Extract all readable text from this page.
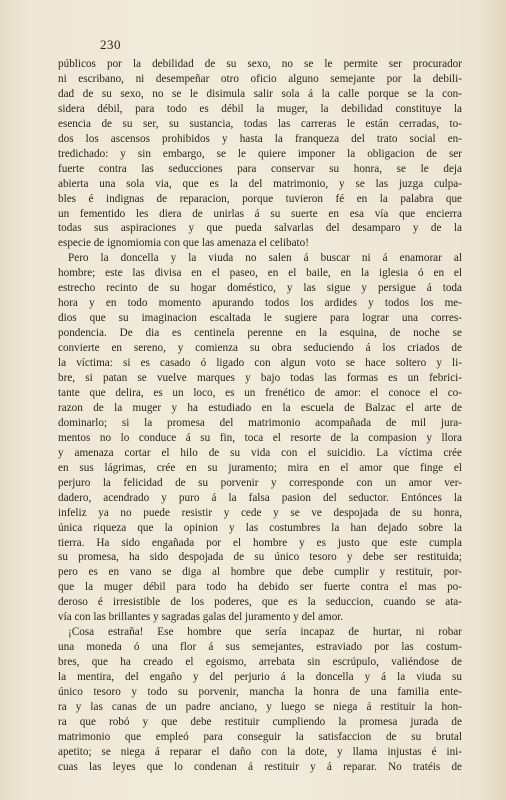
230
públicos por la debilidad de su sexo, no se le permite ser procurador
ni escribano, ni desempeñar otro oficio alguno semejante por la debili-
dad de su sexo, no se le disimula salir sola á la calle porque se la con-
sidera débil, para todo es débil la muger, la debilidad constituye la
esencia de su ser, su sustancia, todas las carreras le están cerradas, to-
dos los ascensos prohibidos y hasta la franqueza del trato social en-
tredichado: y sin embargo, se le quiere imponer la obligacion de ser
fuerte contra las seducciones para conservar su honra, se le deja
abierta una sola via, que es la del matrimonio, y se las juzga culpa-
bles é indignas de reparacion, porque tuvieron fé en la palabra que
un fementido les diera de unirlas á su suerte en esa vía que encierra
todas sus aspiraciones y que pueda salvarlas del desamparo y de la
especie de ignomiomia con que las amenaza el celibato!
Pero la doncella y la viuda no salen á buscar ni á enamorar al
hombre; este las divisa en el paseo, en el baile, en la iglesia ó en el
estrecho recinto de su hogar doméstico, y las sigue y persigue á toda
hora y en todo momento apurando todos los ardides y todos los me-
dios que su imaginacion escaltada le sugiere para lograr una corres-
pondencia. De dia es centinela perenne en la esquina, de noche se
convierte en sereno, y comienza su obra seduciendo á los criados de
la víctima: si es casado ó ligado con algun voto se hace soltero y li-
bre, si patan se vuelve marques y bajo todas las formas es un febrici-
tante que delira, es un loco, es un frenético de amor: el conoce el co-
razon de la muger y ha estudiado en la escuela de Balzac el arte de
dominarlo; si la promesa del matrimonio acompañada de mil jura-
mentos no lo conduce á su fin, toca el resorte de la compasion y llora
y amenaza cortar el hilo de su vida con el suicidio. La víctima crée
en sus lágrimas, crée en su juramento; mira en el amor que finge el
perjuro la felicidad de su porvenir y corresponde con un amor ver-
dadero, acendrado y puro á la falsa pasion del seductor. Entónces la
infeliz ya no puede resistir y cede y se ve despojada de su honra,
única riqueza que la opinion y las costumbres la han dejado sobre la
tierra. Ha sido engañada por el hombre y es justo que este cumpla
su promesa, ha sido despojada de su único tesoro y debe ser restituida;
pero es en vano se diga al hombre que debe cumplir y restituir, por-
que la muger débil para todo ha debido ser fuerte contra el mas po-
deroso é irresistible de los poderes, que es la seduccion, cuando se ata-
vía con las brillantes y sagradas galas del juramento y del amor.
¡Cosa estraña! Ese hombre que sería incapaz de hurtar, ni robar
una moneda ó una flor á sus semejantes, estraviado por las costum-
bres, que ha creado el egoismo, arrebata sin escrúpulo, valiéndose de
la mentira, del engaño y del perjurio á la doncella y á la viuda su
único tesoro y todo su porvenir, mancha la honra de una familia ente-
ra y las canas de un padre anciano, y luego se niega á restituir la hon-
ra que robó y que debe restituir cumpliendo la promesa jurada de
matrimonio que empleó para conseguir la satisfaccion de su brutal
apetito; se niega á reparar el daño con la dote, y llama injustas é ini-
cuas las leyes que lo condenan á restituir y á reparar. No tratéis de
